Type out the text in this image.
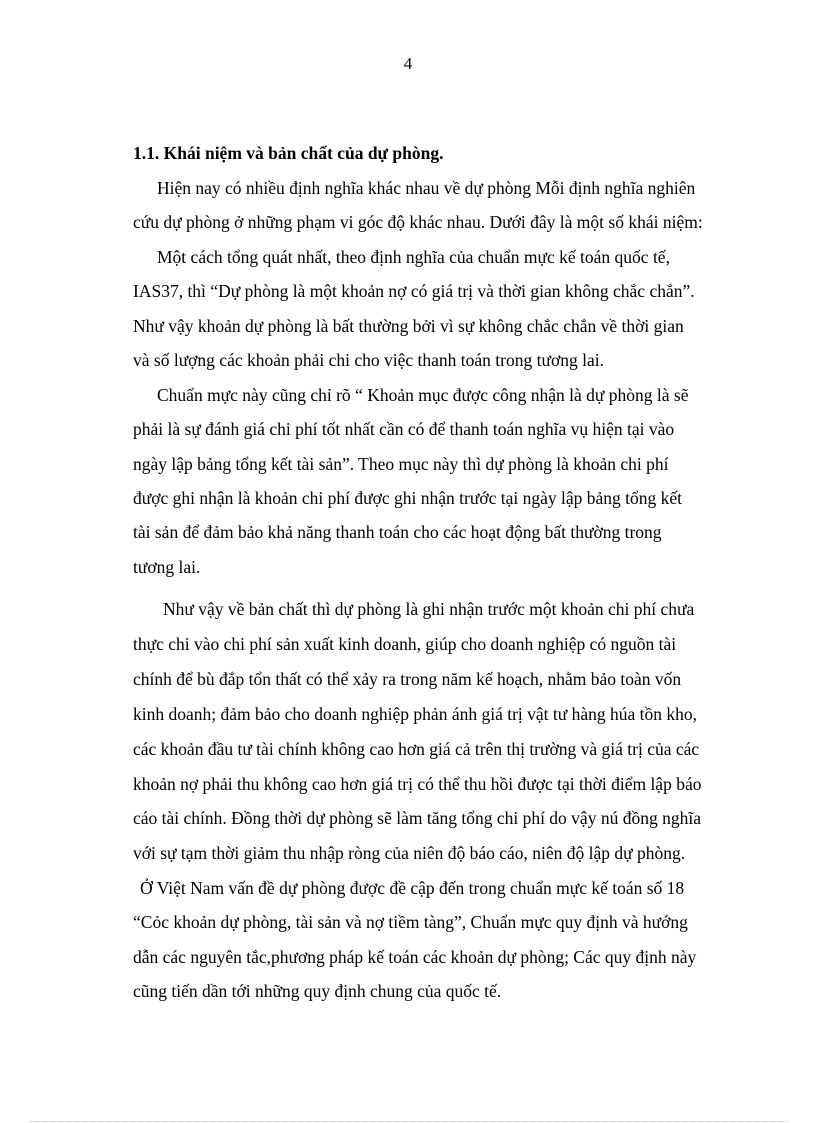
4
1.1. Khái niệm và bản chất của dự phòng.
Hiện nay có nhiều định nghĩa khác nhau về dự phòng Mỗi định nghĩa nghiên
cứu dự phòng ở những phạm vi góc độ khác nhau. Dưới đây là một số khái niệm:
Một cách tổng quát nhất, theo định nghĩa của chuẩn mực kế toán quốc tế,
IAS37, thì “Dự phòng là một khoản nợ có giá trị và thời gian không chắc chắn”.
Như vậy khoản dự phòng là bất thường bởi vì sự không chắc chắn về thời gian
và số lượng các khoản phải chi cho việc thanh toán trong tương lai.
Chuẩn mực này cũng chỉ rõ “ Khoản mục được công nhận là dự phòng là sẽ
phải là sự đánh giá chi phí tốt nhất cần có để thanh toán nghĩa vụ hiện tại vào
ngày lập bảng tổng kết tài sản”. Theo mục này thì dự phòng là khoản chi phí
được ghi nhận là khoản chi phí được ghi nhận trước tại ngày lập bảng tổng kết
tài sản để đảm bảo khả năng thanh toán cho các hoạt động bất thường trong
tương lai.
Như vậy về bản chất thì dự phòng là ghi nhận trước một khoản chi phí chưa
thực chi vào chi phí sản xuất kinh doanh, giúp cho doanh nghiệp có nguồn tài
chính để bù đắp tổn thất có thể xảy ra trong năm kế hoạch, nhằm bảo toàn vốn
kinh doanh; đảm bảo cho doanh nghiệp phản ánh giá trị vật tư hàng húa tồn kho,
các khoản đầu tư tài chính không cao hơn giá cả trên thị trường và giá trị của các
khoản nợ phải thu không cao hơn giá trị có thể thu hồi được tại thời điểm lập báo
cáo tài chính. Đồng thời dự phòng sẽ làm tăng tổng chi phí do vậy nú đồng nghĩa
với sự tạm thời giảm thu nhập ròng của niên độ báo cáo, niên độ lập dự phòng.
Ở Việt Nam vấn đề dự phòng được đề cập đến trong chuẩn mực kế toán số 18
“Cỏc khoản dự phòng, tài sản và nợ tiềm tàng”, Chuẩn mực quy định và hướng
dẫn các nguyên tắc,phương pháp kế toán các khoản dự phòng; Các quy định này
cũng tiến dần tới những quy định chung của quốc tế.
